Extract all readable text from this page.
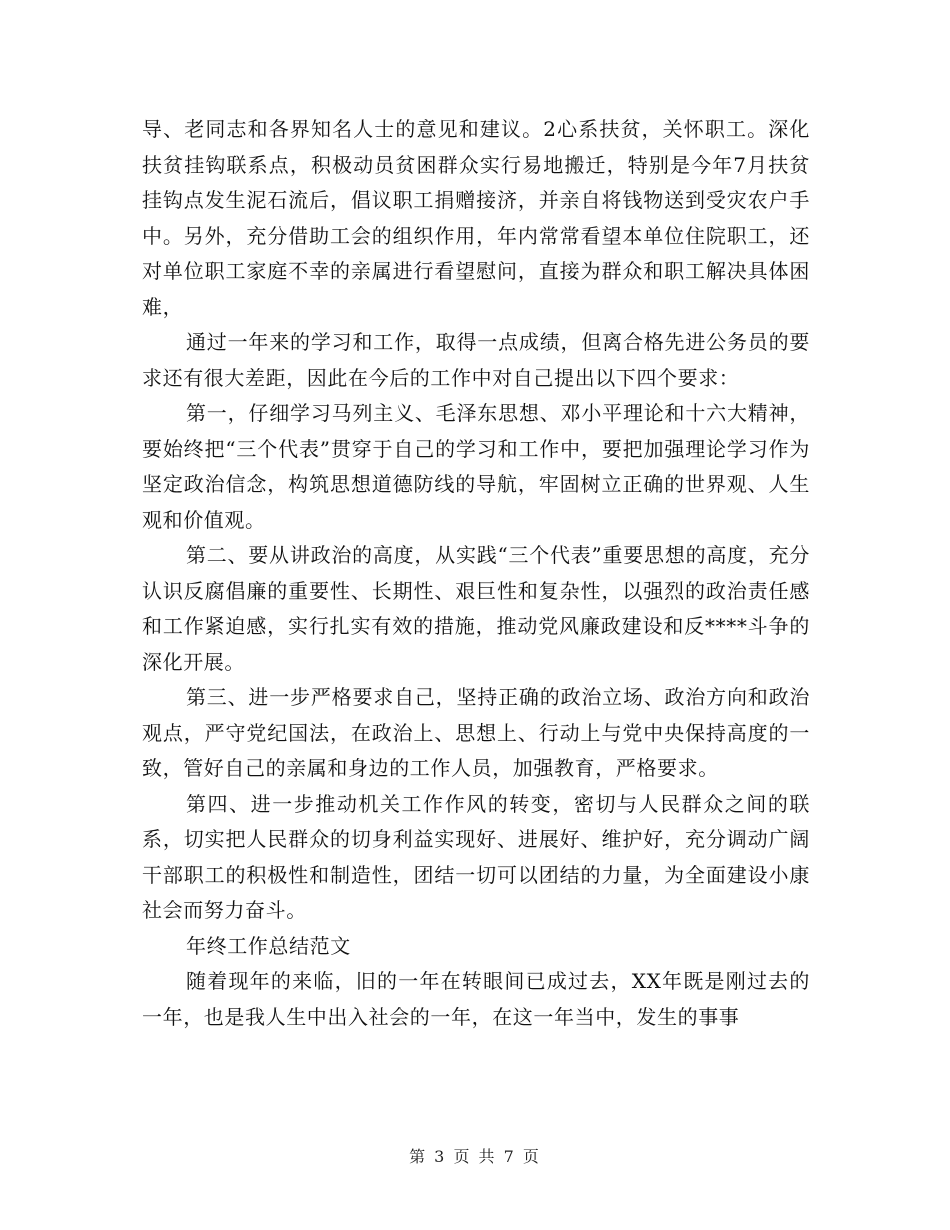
导、老同志和各界知名人士的意见和建议。2心系扶贫，关怀职工。深化扶贫挂钩联系点，积极动员贫困群众实行易地搬迁，特别是今年7月扶贫挂钩点发生泥石流后，倡议职工捐赠接济，并亲自将钱物送到受灾农户手中。另外，充分借助工会的组织作用，年内常常看望本单位住院职工，还对单位职工家庭不幸的亲属进行看望慰问，直接为群众和职工解决具体困难，

通过一年来的学习和工作，取得一点成绩，但离合格先进公务员的要求还有很大差距，因此在今后的工作中对自己提出以下四个要求：

第一，仔细学习马列主义、毛泽东思想、邓小平理论和十六大精神，要始终把“三个代表”贯穿于自己的学习和工作中，要把加强理论学习作为坚定政治信念，构筑思想道德防线的导航，牢固树立正确的世界观、人生观和价值观。

第二、要从讲政治的高度，从实践“三个代表”重要思想的高度，充分认识反腐倡廉的重要性、长期性、艰巨性和复杂性，以强烈的政治责任感和工作紧迫感，实行扎实有效的措施，推动党风廉政建设和反****斗争的深化开展。

第三、进一步严格要求自己，坚持正确的政治立场、政治方向和政治观点，严守党纪国法，在政治上、思想上、行动上与党中央保持高度的一致，管好自己的亲属和身边的工作人员，加强教育，严格要求。

第四、进一步推动机关工作作风的转变，密切与人民群众之间的联系，切实把人民群众的切身利益实现好、进展好、维护好，充分调动广阔干部职工的积极性和制造性，团结一切可以团结的力量，为全面建设小康社会而努力奋斗。

年终工作总结范文

随着现年的来临，旧的一年在转眼间已成过去，XX年既是刚过去的一年，也是我人生中出入社会的一年，在这一年当中，发生的事事

第 3 页 共 7 页
